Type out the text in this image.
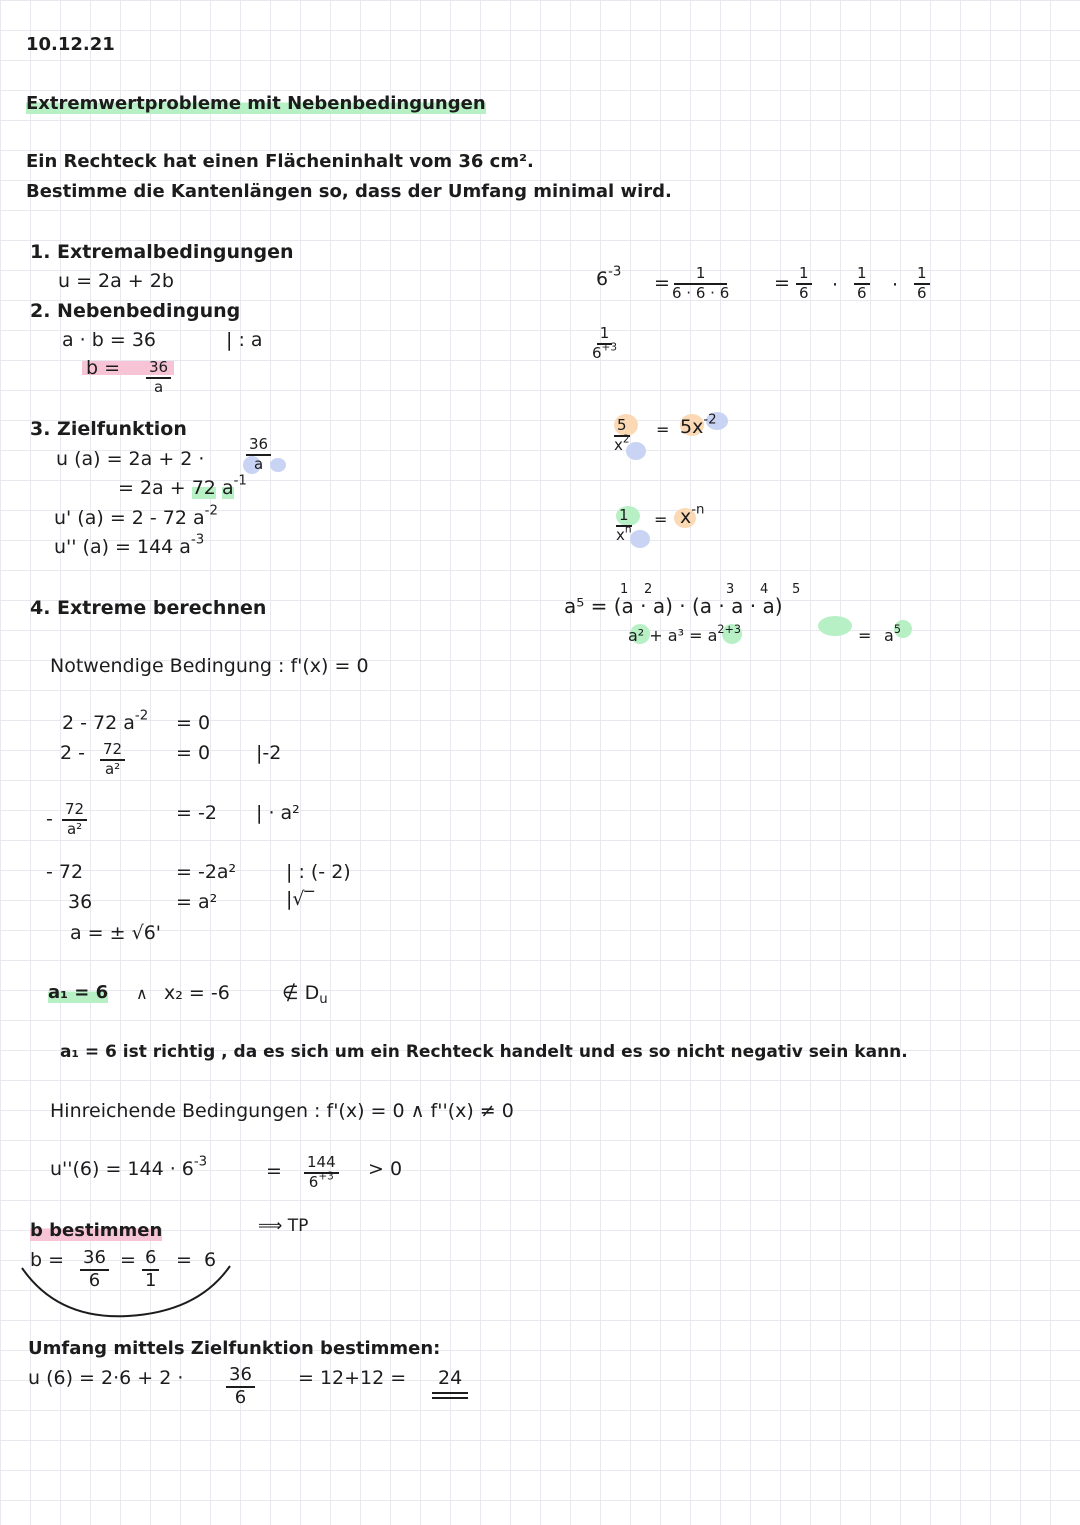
10.12.21
Extremwertprobleme mit Nebenbedingungen
Ein Rechteck hat einen Flächeninhalt vom 36 cm².
Bestimme die Kantenlängen so, dass der Umfang minimal wird.
1. Extremalbedingungen
u = 2a + 2b
2. Nebenbedingung
a · b = 36	| : a
$b = \frac{36}{a}$
3. Zielfunktion
u (a) = 2a + 2 ·	$\frac{36}{a}$
= 2a + 72 $a^{-1}$
u' (a) = 2 - 72 $a^{-2}$
u'' (a) = 144 $a^{-3}$
4. Extreme berechnen
Notwendige Bedingung : f'(x) = 0
2 - 72 $a^{-2} = 0$
$2 - \frac{72}{\text{a²}}$	= 0 |-2
- $\frac{72}{\text{a²}}$	= -2 | · a²
- 72	= -2a²	| : (- 2)
36	= a²	|√‾
a = ± √6'
a₁ = 6 ∧ x₂ = -6	∉ $D_u$
a₁ = 6 ist richtig , da es sich um ein Rechteck handelt und es so nicht negativ sein kann.
Hinreichende Bedingungen : f'(x) = 0 ∧ f''(x) ≠ 0
$u''(6) = 144 \cdot 6^{-3}$	= $\frac{144}{6^{+3}} > 0$
⟹ TP
b bestimmen
$b = \frac{36}{6} = \frac{6}{1} = 6$
Umfang mittels Zielfunktion bestimmen:
u $(6) = 2\cdot 6 + 2 \cdot \frac{36}{6} = 12+12 = 24$
$6^{-3} = \frac{1}{6 \cdot 6 \cdot 6} = \frac{1}{6} \cdot \frac{1}{6} \cdot \frac{1}{6}$
$\frac{1}{6^{+3}}$
$\frac{5}{x^2} = 5x^{-2}$
$\frac{1}{x^n} = x^{-n}$
1 2	3 4 5
a⁵ = (a · a) · (a · a · a)
$a^2 + a^3 = a^{2+3}$	= $a^5$
